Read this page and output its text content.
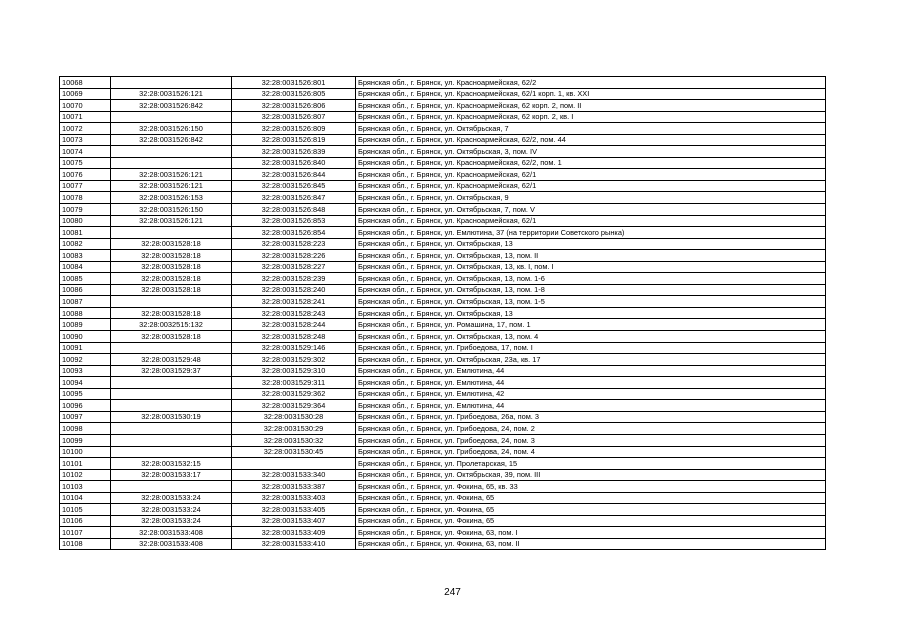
10068		32:28:0031526:801	Брянская обл., г. Брянск, ул. Красноармейская, 62/2
10069	32:28:0031526:121	32:28:0031526:805	Брянская обл., г. Брянск, ул. Красноармейская, 62/1 корп. 1, кв. XXI
10070	32:28:0031526:842	32:28:0031526:806	Брянская обл., г. Брянск, ул. Красноармейская, 62 корп. 2, пом. II
10071		32:28:0031526:807	Брянская обл., г. Брянск, ул. Красноармейская, 62 корп. 2, кв. I
10072	32:28:0031526:150	32:28:0031526:809	Брянская обл., г. Брянск, ул. Октябрьская, 7
10073	32:28:0031526:842	32:28:0031526:819	Брянская обл., г. Брянск, ул. Красноармейская, 62/2, пом. 44
10074		32:28:0031526:839	Брянская обл., г. Брянск, ул. Октябрьская, 3, пом. IV
10075		32:28:0031526:840	Брянская обл., г. Брянск, ул. Красноармейская, 62/2, пом. 1
10076	32:28:0031526:121	32:28:0031526:844	Брянская обл., г. Брянск, ул. Красноармейская, 62/1
10077	32:28:0031526:121	32:28:0031526:845	Брянская обл., г. Брянск, ул. Красноармейская, 62/1
10078	32:28:0031526:153	32:28:0031526:847	Брянская обл., г. Брянск, ул. Октябрьская, 9
10079	32:28:0031526:150	32:28:0031526:848	Брянская обл., г. Брянск, ул. Октябрьская, 7, пом. V
10080	32:28:0031526:121	32:28:0031526:853	Брянская обл., г. Брянск, ул. Красноармейская, 62/1
10081		32:28:0031526:854	Брянская обл., г. Брянск, ул. Емлютина, 37 (на территории Советского рынка)
10082	32:28:0031528:18	32:28:0031528:223	Брянская обл., г. Брянск, ул. Октябрьская, 13
10083	32:28:0031528:18	32:28:0031528:226	Брянская обл., г. Брянск, ул. Октябрьская, 13, пом. II
10084	32:28:0031528:18	32:28:0031528:227	Брянская обл., г. Брянск, ул. Октябрьская, 13, кв. I, пом. I
10085	32:28:0031528:18	32:28:0031528:239	Брянская обл., г. Брянск, ул. Октябрьская, 13, пом. 1-6
10086	32:28:0031528:18	32:28:0031528:240	Брянская обл., г. Брянск, ул. Октябрьская, 13, пом. 1-8
10087		32:28:0031528:241	Брянская обл., г. Брянск, ул. Октябрьская, 13, пом. 1-5
10088	32:28:0031528:18	32:28:0031528:243	Брянская обл., г. Брянск, ул. Октябрьская, 13
10089	32:28:0032515:132	32:28:0031528:244	Брянская обл., г. Брянск, ул. Ромашина, 17, пом. 1
10090	32:28:0031528:18	32:28:0031528:248	Брянская обл., г. Брянск, ул. Октябрьская, 13, пом. 4
10091		32:28:0031529:146	Брянская обл., г. Брянск, ул. Грибоедова, 17, пом. I
10092	32:28:0031529:48	32:28:0031529:302	Брянская обл., г. Брянск, ул. Октябрьская, 23а, кв. 17
10093	32:28:0031529:37	32:28:0031529:310	Брянская обл., г. Брянск, ул. Емлютина, 44
10094		32:28:0031529:311	Брянская обл., г. Брянск, ул. Емлютина, 44
10095		32:28:0031529:362	Брянская обл., г. Брянск, ул. Емлютина, 42
10096		32:28:0031529:364	Брянская обл., г. Брянск, ул. Емлютина, 44
10097	32:28:0031530:19	32:28:0031530:28	Брянская обл., г. Брянск, ул. Грибоедова, 26а, пом. 3
10098		32:28:0031530:29	Брянская обл., г. Брянск, ул. Грибоедова, 24, пом. 2
10099		32:28:0031530:32	Брянская обл., г. Брянск, ул. Грибоедова, 24, пом. 3
10100		32:28:0031530:45	Брянская обл., г. Брянск, ул. Грибоедова, 24, пом. 4
10101	32:28:0031532:15		Брянская обл., г. Брянск, ул. Пролетарская, 15
10102	32:28:0031533:17	32:28:0031533:340	Брянская обл., г. Брянск, ул. Октябрьская, 39, пом. III
10103		32:28:0031533:387	Брянская обл., г. Брянск, ул. Фокина, 65, кв. 33
10104	32:28:0031533:24	32:28:0031533:403	Брянская обл., г. Брянск, ул. Фокина, 65
10105	32:28:0031533:24	32:28:0031533:405	Брянская обл., г. Брянск, ул. Фокина, 65
10106	32:28:0031533:24	32:28:0031533:407	Брянская обл., г. Брянск, ул. Фокина, 65
10107	32:28:0031533:408	32:28:0031533:409	Брянская обл., г. Брянск, ул. Фокина, 63, пом. I
10108	32:28:0031533:408	32:28:0031533:410	Брянская обл., г. Брянск, ул. Фокина, 63, пом. II
247
